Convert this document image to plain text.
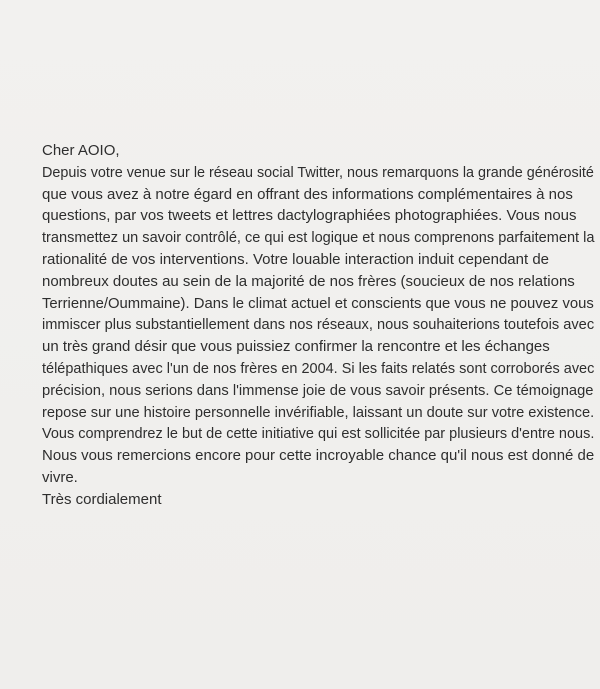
Cher AOIO,
Depuis votre venue sur le réseau social Twitter, nous remarquons la grande générosité
que vous avez à notre égard en offrant des informations complémentaires à nos
questions, par vos tweets et lettres dactylographiées photographiées. Vous nous
transmettez un savoir contrôlé, ce qui est logique et nous comprenons parfaitement la
rationalité de vos interventions. Votre louable interaction induit cependant de
nombreux doutes au sein de la majorité de nos frères (soucieux de nos relations
Terrienne/Oummaine). Dans le climat actuel et conscients que vous ne pouvez vous
immiscer plus substantiellement dans nos réseaux, nous souhaiterions toutefois avec
un très grand désir que vous puissiez confirmer la rencontre et les échanges
télépathiques avec l'un de nos frères en 2004. Si les faits relatés sont corroborés avec
précision, nous serions dans l'immense joie de vous savoir présents. Ce témoignage
repose sur une histoire personnelle invérifiable, laissant un doute sur votre existence.
Vous comprendrez le but de cette initiative qui est sollicitée par plusieurs d'entre nous.
Nous vous remercions encore pour cette incroyable chance qu'il nous est donné de
vivre.
Très cordialement
